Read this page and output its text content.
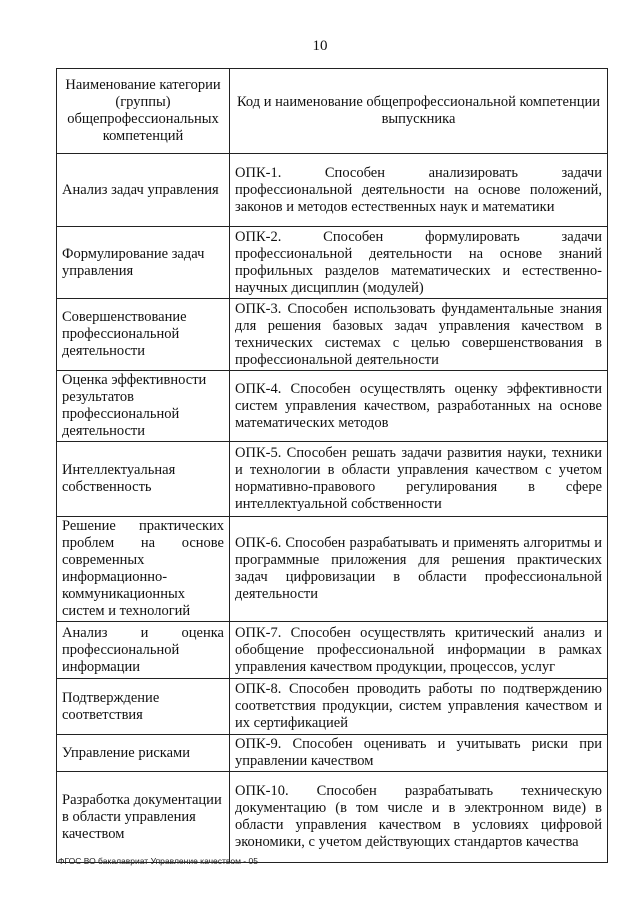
10
Наименование категории (группы) общепрофессиональных компетенций	Код и наименование общепрофессиональной компетенции выпускника
Анализ задач управления	ОПК-1. Способен анализировать задачи профессиональной деятельности на основе положений, законов и методов естественных наук и математики
Формулирование задач управления	ОПК-2. Способен формулировать задачи профессиональной деятельности на основе знаний профильных разделов математических и естественно-научных дисциплин (модулей)
Совершенствование профессиональной деятельности	ОПК-3. Способен использовать фундаментальные знания для решения базовых задач управления качеством в технических системах с целью совершенствования в профессиональной деятельности
Оценка эффективности результатов профессиональной деятельности	ОПК-4. Способен осуществлять оценку эффективности систем управления качеством, разработанных на основе математических методов
Интеллектуальная собственность	ОПК-5. Способен решать задачи развития науки, техники и технологии в области управления качеством с учетом нормативно-правового регулирования в сфере интеллектуальной собственности
Решение практических проблем на основе современных информационно-коммуникационных систем и технологий	ОПК-6. Способен разрабатывать и применять алгоритмы и программные приложения для решения практических задач цифровизации в области профессиональной деятельности
Анализ и оценка профессиональной информации	ОПК-7. Способен осуществлять критический анализ и обобщение профессиональной информации в рамках управления качеством продукции, процессов, услуг
Подтверждение соответствия	ОПК-8. Способен проводить работы по подтверждению соответствия продукции, систем управления качеством и их сертификацией
Управление рисками	ОПК-9. Способен оценивать и учитывать риски при управлении качеством
Разработка документации в области управления качеством	ОПК-10. Способен разрабатывать техническую документацию (в том числе и в электронном виде) в области управления качеством в условиях цифровой экономики, с учетом действующих стандартов качества
ФГОС ВО бакалавриат Управление качеством - 05
